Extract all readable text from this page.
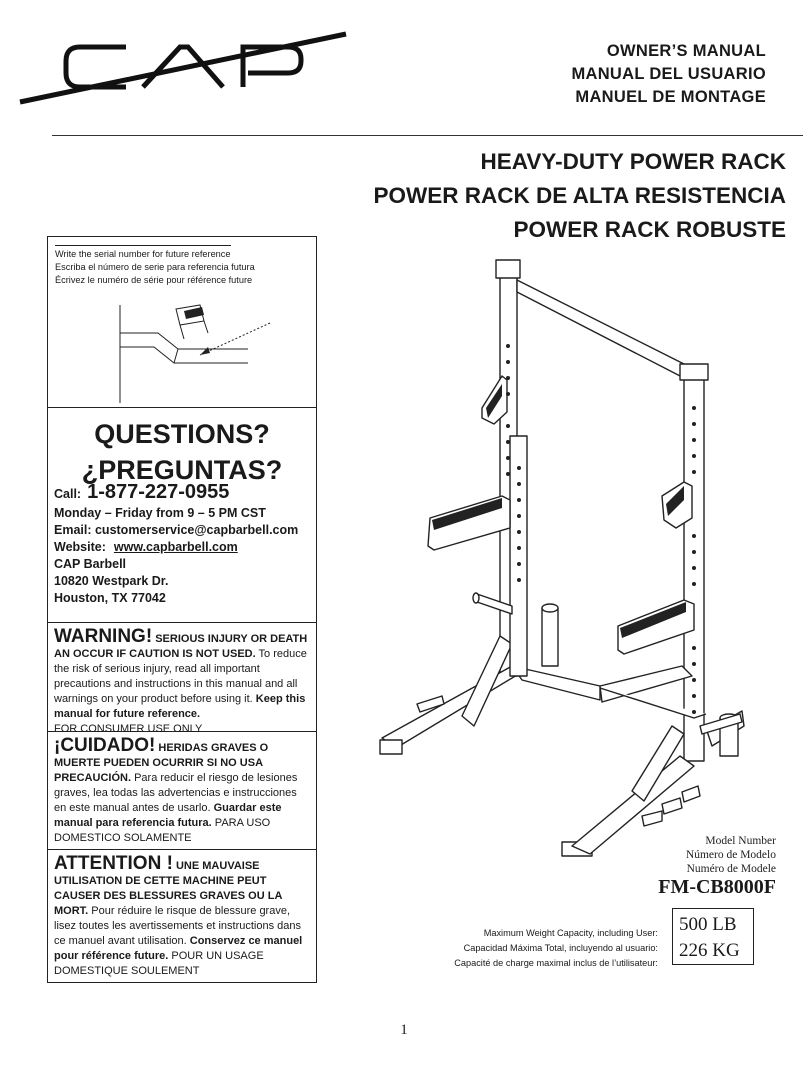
OWNER’S MANUAL
MANUAL DEL USUARIO
MANUEL DE MONTAGE
HEAVY-DUTY POWER RACK
POWER RACK DE ALTA RESISTENCIA
POWER RACK ROBUSTE
Write the serial number for future reference
Escriba el número de serie para referencia futura
Écrivez le numéro de série pour référence future
QUESTIONS?
¿PREGUNTAS?
Call: 1-877-227-0955
Monday – Friday from 9 – 5 PM CST
Email: customerservice@capbarbell.com
Website: www.capbarbell.com
CAP Barbell
10820 Westpark Dr.
Houston, TX 77042
WARNING! SERIOUS INJURY OR DEATH AN OCCUR IF CAUTION IS NOT USED. To reduce the risk of serious injury, read all important precautions and instructions in this manual and all warnings on your product before using it. Keep this manual for future reference.
FOR CONSUMER USE ONLY
¡CUIDADO! HERIDAS GRAVES O MUERTE PUEDEN OCURRIR SI NO USA PRECAUCIÓN. Para reducir el riesgo de lesiones graves, lea todas las advertencias e instrucciones en este manual antes de usarlo. Guardar este manual para referencia futura. PARA USO DOMESTICO SOLAMENTE
ATTENTION ! UNE MAUVAISE UTILISATION DE CETTE MACHINE PEUT CAUSER DES BLESSURES GRAVES OU LA MORT. Pour réduire le risque de blessure grave, lisez toutes les avertissements et instructions dans ce manuel avant utilisation. Conservez ce manuel pour référence future. POUR UN USAGE DOMESTIQUE SOULEMENT
Model Number
Número de Modelo
Numéro de Modele
FM-CB8000F
Maximum Weight Capacity, including User:
Capacidad Máxima Total, incluyendo al usuario:
Capacité de charge maximal inclus de l’utilisateur:
500 LB
226 KG
1
